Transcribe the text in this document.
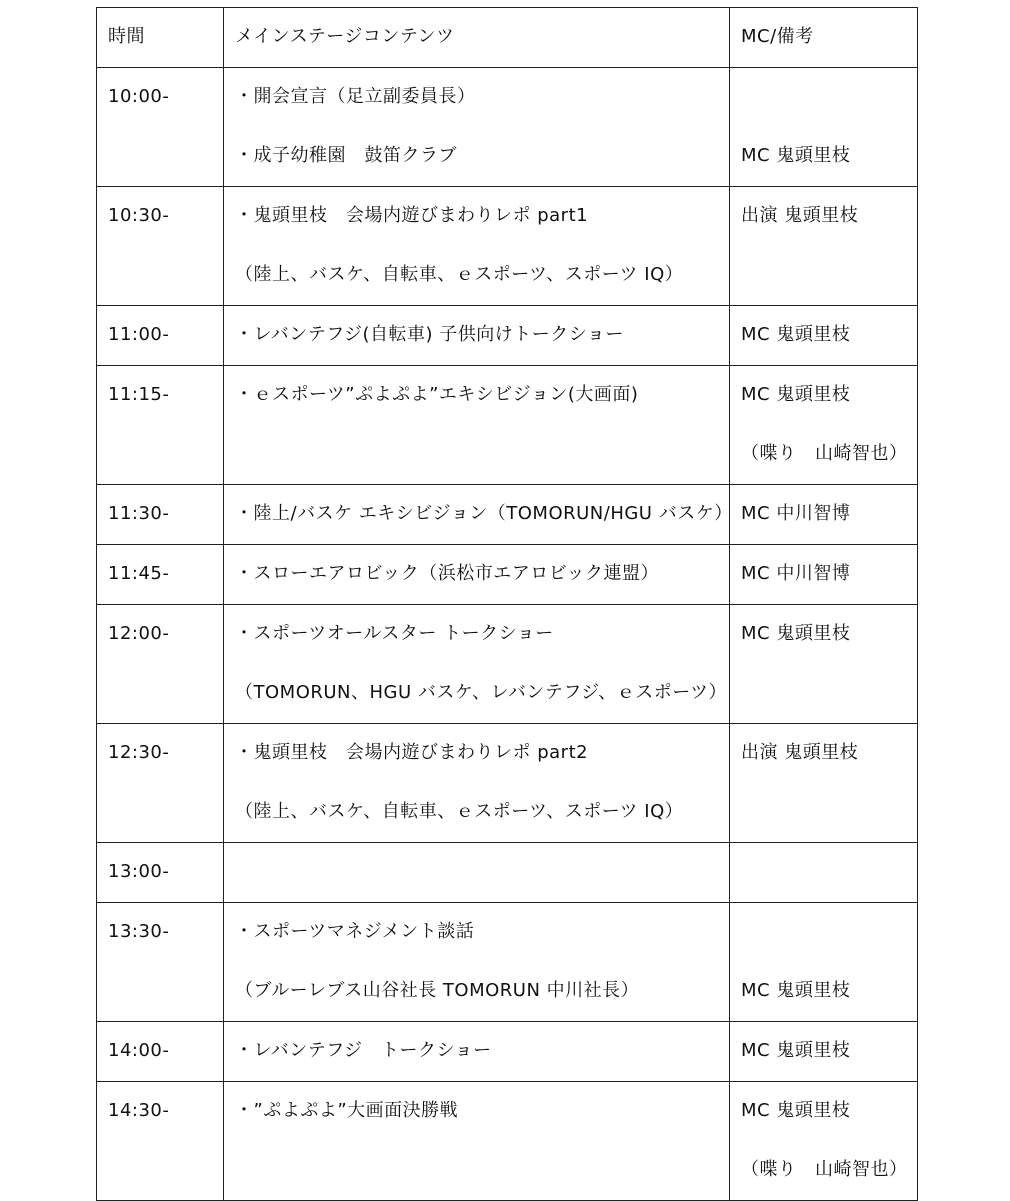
時間	メインステージコンテンツ	MC/備考

10:00-	・開会宣言（足立副委員長）
・成子幼稚園　鼓笛クラブ	MC 鬼頭里枝

10:30-	・鬼頭里枝　会場内遊びまわりレポ part1
（陸上、バスケ、自転車、ｅスポーツ、スポーツ IQ）	出演 鬼頭里枝

11:00-	・レバンテフジ(自転車) 子供向けトークショー	MC 鬼頭里枝

11:15-	・ｅスポーツ”ぷよぷよ”エキシビジョン(大画面)	MC 鬼頭里枝
（喋り　山崎智也）

11:30-	・陸上/バスケ エキシビジョン（TOMORUN/HGU バスケ）	MC 中川智博

11:45-	・スローエアロビック（浜松市エアロビック連盟）	MC 中川智博

12:00-	・スポーツオールスター トークショー
（TOMORUN、HGU バスケ、レバンテフジ、ｅスポーツ）	MC 鬼頭里枝

12:30-	・鬼頭里枝　会場内遊びまわりレポ part2
（陸上、バスケ、自転車、ｅスポーツ、スポーツ IQ）	出演 鬼頭里枝

13:00-		

13:30-	・スポーツマネジメント談話
（ブルーレブス山谷社長 TOMORUN 中川社長）	MC 鬼頭里枝

14:00-	・レバンテフジ　トークショー	MC 鬼頭里枝

14:30-	・”ぷよぷよ”大画面決勝戦	MC 鬼頭里枝
（喋り　山崎智也）
